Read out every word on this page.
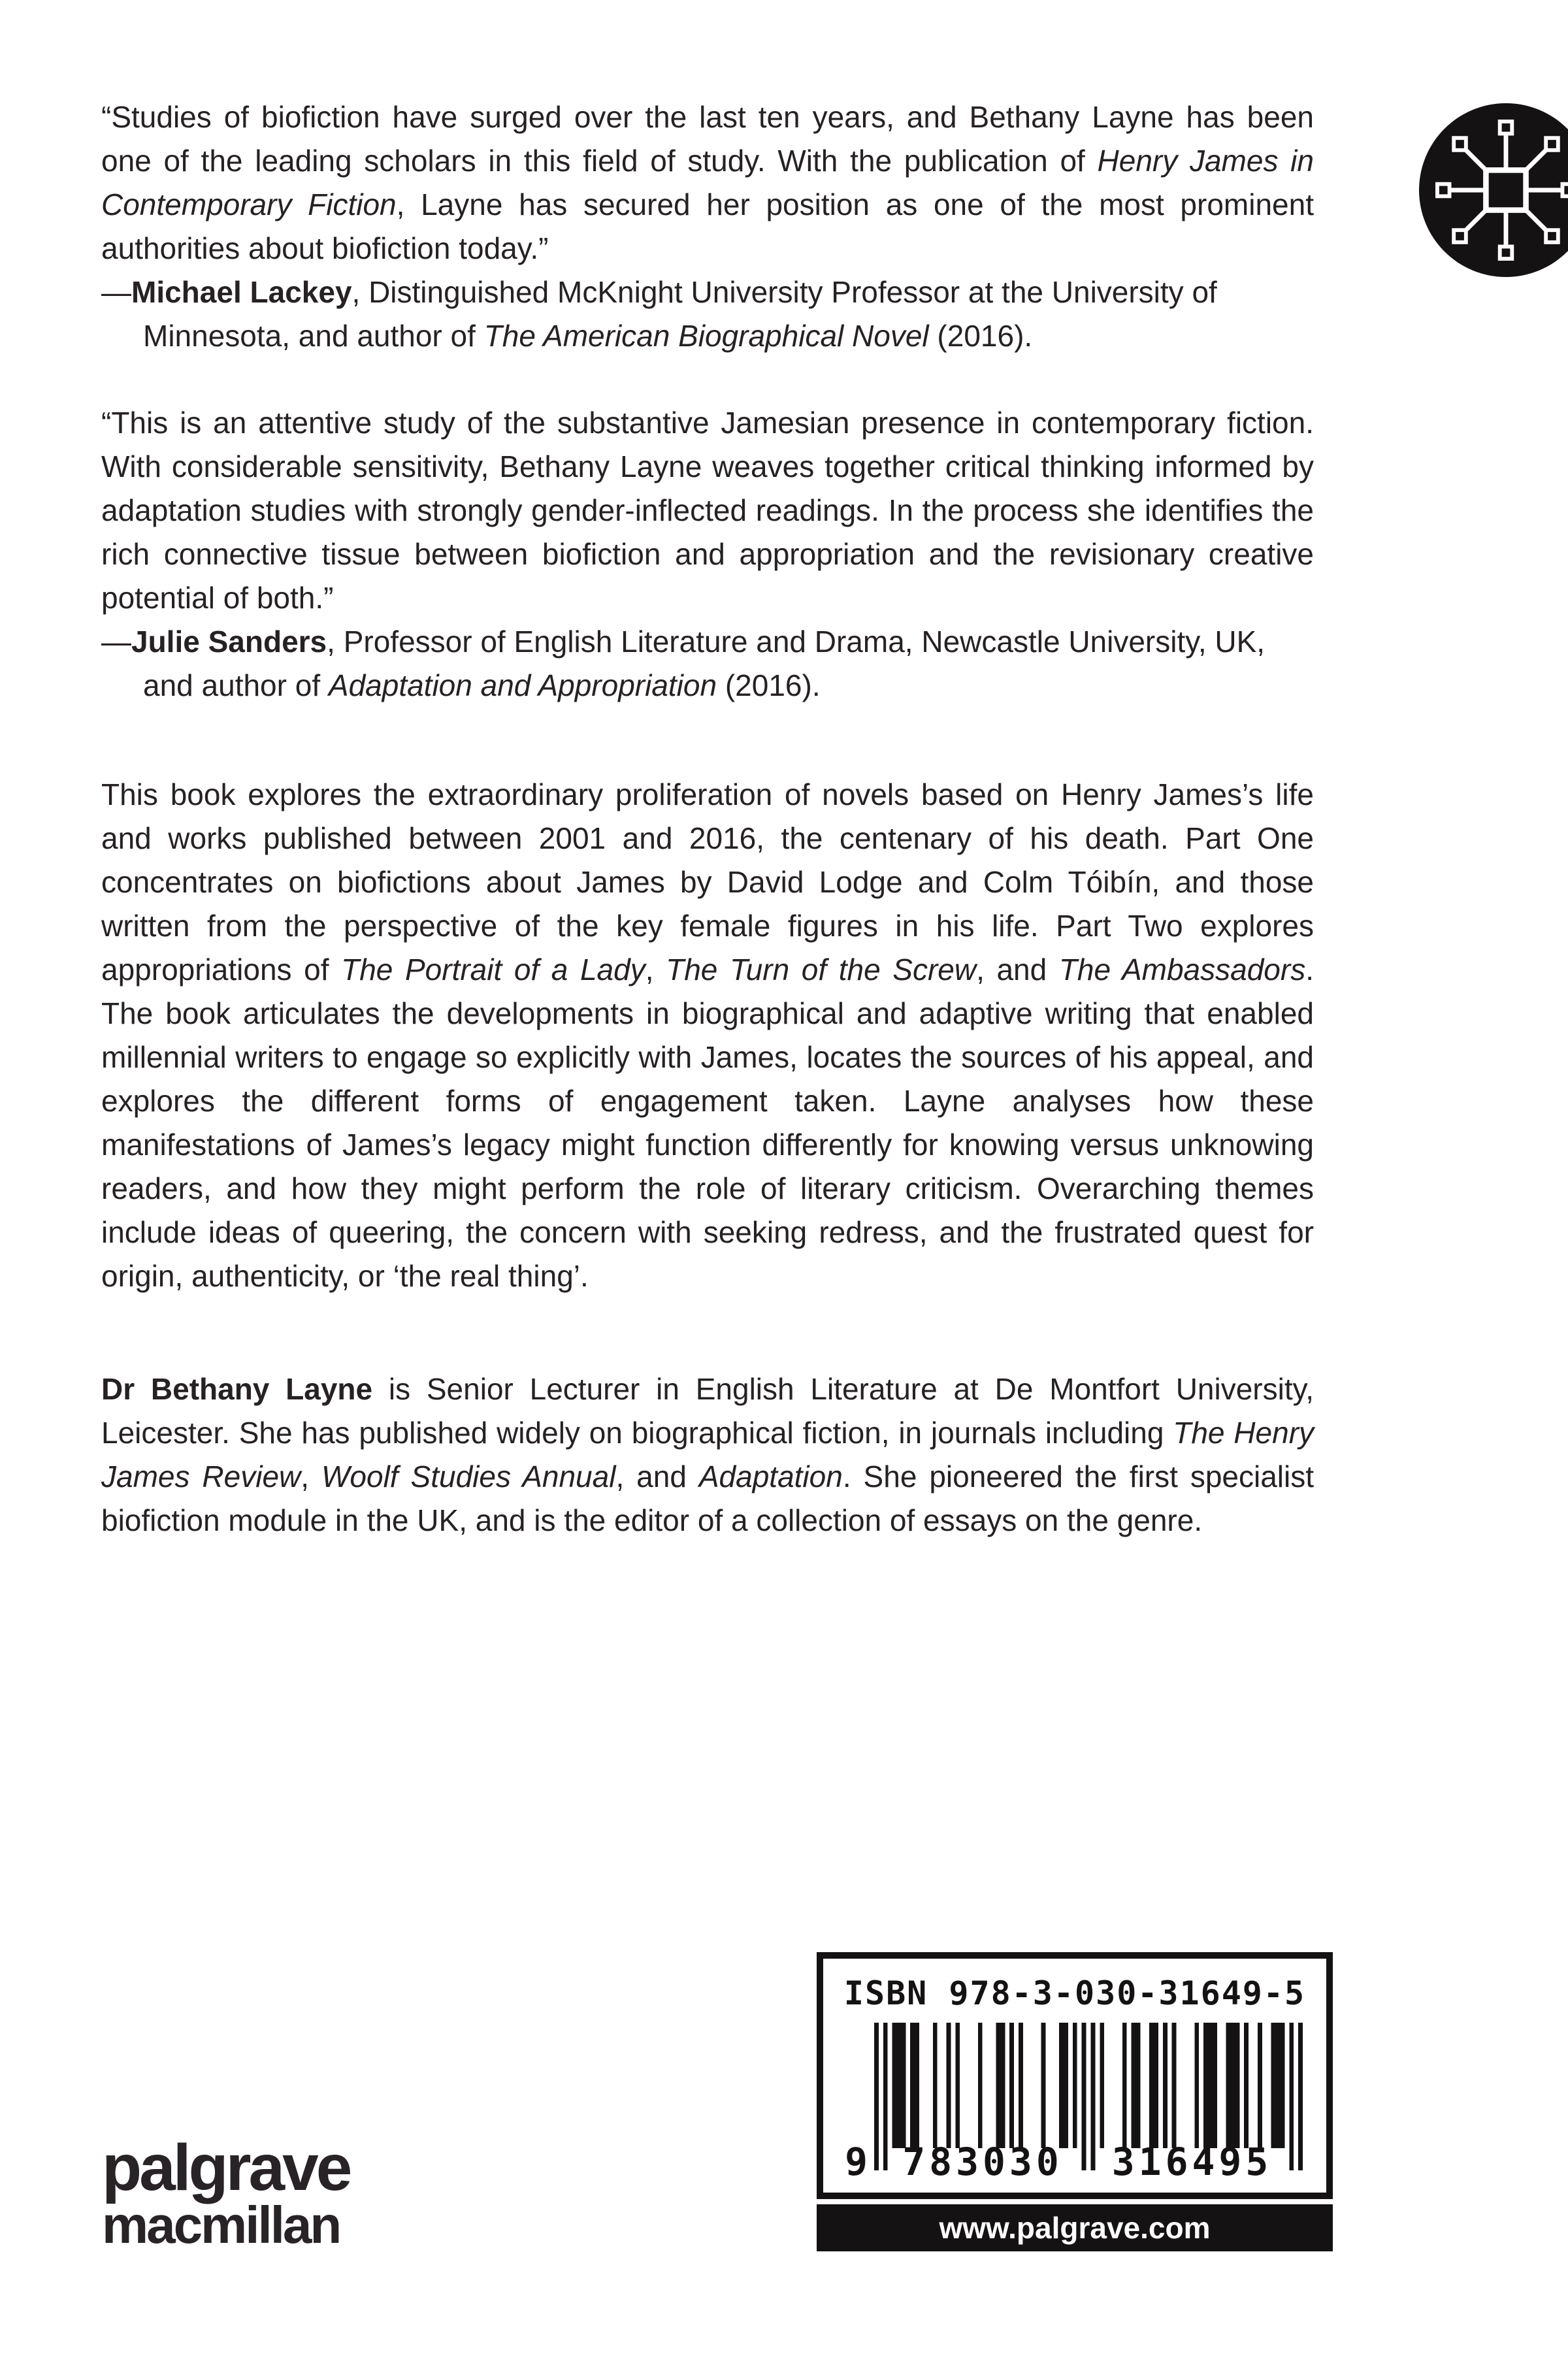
“Studies of biofiction have surged over the last ten years, and Bethany Layne has been one of the leading scholars in this field of study. With the publication of Henry James in Contemporary Fiction, Layne has secured her position as one of the most prominent authorities about biofiction today.”

—Michael Lackey, Distinguished McKnight University Professor at the University of Minnesota, and author of The American Biographical Novel (2016).

“This is an attentive study of the substantive Jamesian presence in contemporary fiction. With considerable sensitivity, Bethany Layne weaves together critical thinking informed by adaptation studies with strongly gender-inflected readings. In the process she identifies the rich connective tissue between biofiction and appropriation and the revisionary creative potential of both.”

—Julie Sanders, Professor of English Literature and Drama, Newcastle University, UK, and author of Adaptation and Appropriation (2016).

This book explores the extraordinary proliferation of novels based on Henry James’s life and works published between 2001 and 2016, the centenary of his death. Part One concentrates on biofictions about James by David Lodge and Colm Tóibín, and those written from the perspective of the key female figures in his life. Part Two explores appropriations of The Portrait of a Lady, The Turn of the Screw, and The Ambassadors. The book articulates the developments in biographical and adaptive writing that enabled millennial writers to engage so explicitly with James, locates the sources of his appeal, and explores the different forms of engagement taken. Layne analyses how these manifestations of James’s legacy might function differently for knowing versus unknowing readers, and how they might perform the role of literary criticism. Overarching themes include ideas of queering, the concern with seeking redress, and the frustrated quest for origin, authenticity, or ‘the real thing’.

Dr Bethany Layne is Senior Lecturer in English Literature at De Montfort University, Leicester. She has published widely on biographical fiction, in journals including The Henry James Review, Woolf Studies Annual, and Adaptation. She pioneered the first specialist biofiction module in the UK, and is the editor of a collection of essays on the genre.

ISBN 978-3-030-31649-5
9 783030	316495
www.palgrave.com
palgrave
macmillan
